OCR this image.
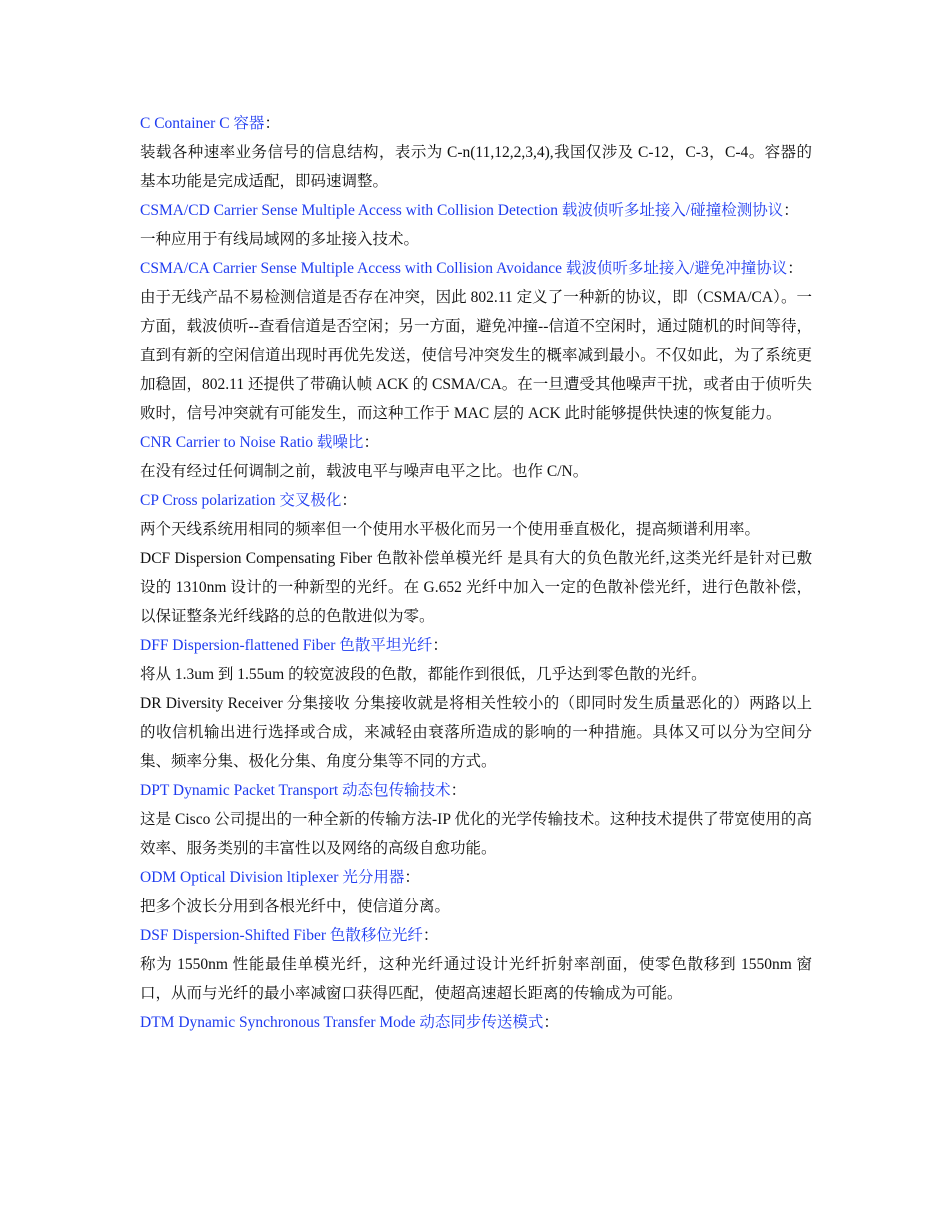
C Container C 容器：

装载各种速率业务信号的信息结构，表示为 C-n(11,12,2,3,4),我国仅涉及 C-12，C-3，C-4。容器的基本功能是完成适配，即码速调整。

CSMA/CD Carrier Sense Multiple Access with Collision Detection 载波侦听多址接入/碰撞检测协议：

一种应用于有线局域网的多址接入技术。

CSMA/CA Carrier Sense Multiple Access with Collision Avoidance 载波侦听多址接入/避免冲撞协议：

由于无线产品不易检测信道是否存在冲突，因此 802.11 定义了一种新的协议，即（CSMA/CA）。一方面，载波侦听--查看信道是否空闲；另一方面，避免冲撞--信道不空闲时，通过随机的时间等待，直到有新的空闲信道出现时再优先发送，使信号冲突发生的概率减到最小。不仅如此，为了系统更加稳固，802.11 还提供了带确认帧 ACK 的 CSMA/CA。在一旦遭受其他噪声干扰，或者由于侦听失败时，信号冲突就有可能发生，而这种工作于 MAC 层的 ACK 此时能够提供快速的恢复能力。

CNR Carrier to Noise Ratio 载噪比：

在没有经过任何调制之前，载波电平与噪声电平之比。也作 C/N。

CP Cross polarization 交叉极化：

两个天线系统用相同的频率但一个使用水平极化而另一个使用垂直极化，提高频谱利用率。

DCF Dispersion Compensating Fiber 色散补偿单模光纤 是具有大的负色散光纤,这类光纤是针对已敷设的 1310nm 设计的一种新型的光纤。在 G.652 光纤中加入一定的色散补偿光纤，进行色散补偿，以保证整条光纤线路的总的色散进似为零。

DFF Dispersion-flattened Fiber 色散平坦光纤：

将从 1.3um 到 1.55um 的较宽波段的色散，都能作到很低，几乎达到零色散的光纤。

DR Diversity Receiver 分集接收 分集接收就是将相关性较小的（即同时发生质量恶化的）两路以上的收信机输出进行选择或合成，来减轻由衰落所造成的影响的一种措施。具体又可以分为空间分集、频率分集、极化分集、角度分集等不同的方式。

DPT Dynamic Packet Transport 动态包传输技术：

这是 Cisco 公司提出的一种全新的传输方法-IP 优化的光学传输技术。这种技术提供了带宽使用的高效率、服务类别的丰富性以及网络的高级自愈功能。

ODM Optical Division ltiplexer 光分用器：

把多个波长分用到各根光纤中，使信道分离。

DSF Dispersion-Shifted Fiber 色散移位光纤：

称为 1550nm 性能最佳单模光纤，这种光纤通过设计光纤折射率剖面，使零色散移到 1550nm 窗口，从而与光纤的最小率减窗口获得匹配，使超高速超长距离的传输成为可能。

DTM Dynamic Synchronous Transfer Mode 动态同步传送模式：
